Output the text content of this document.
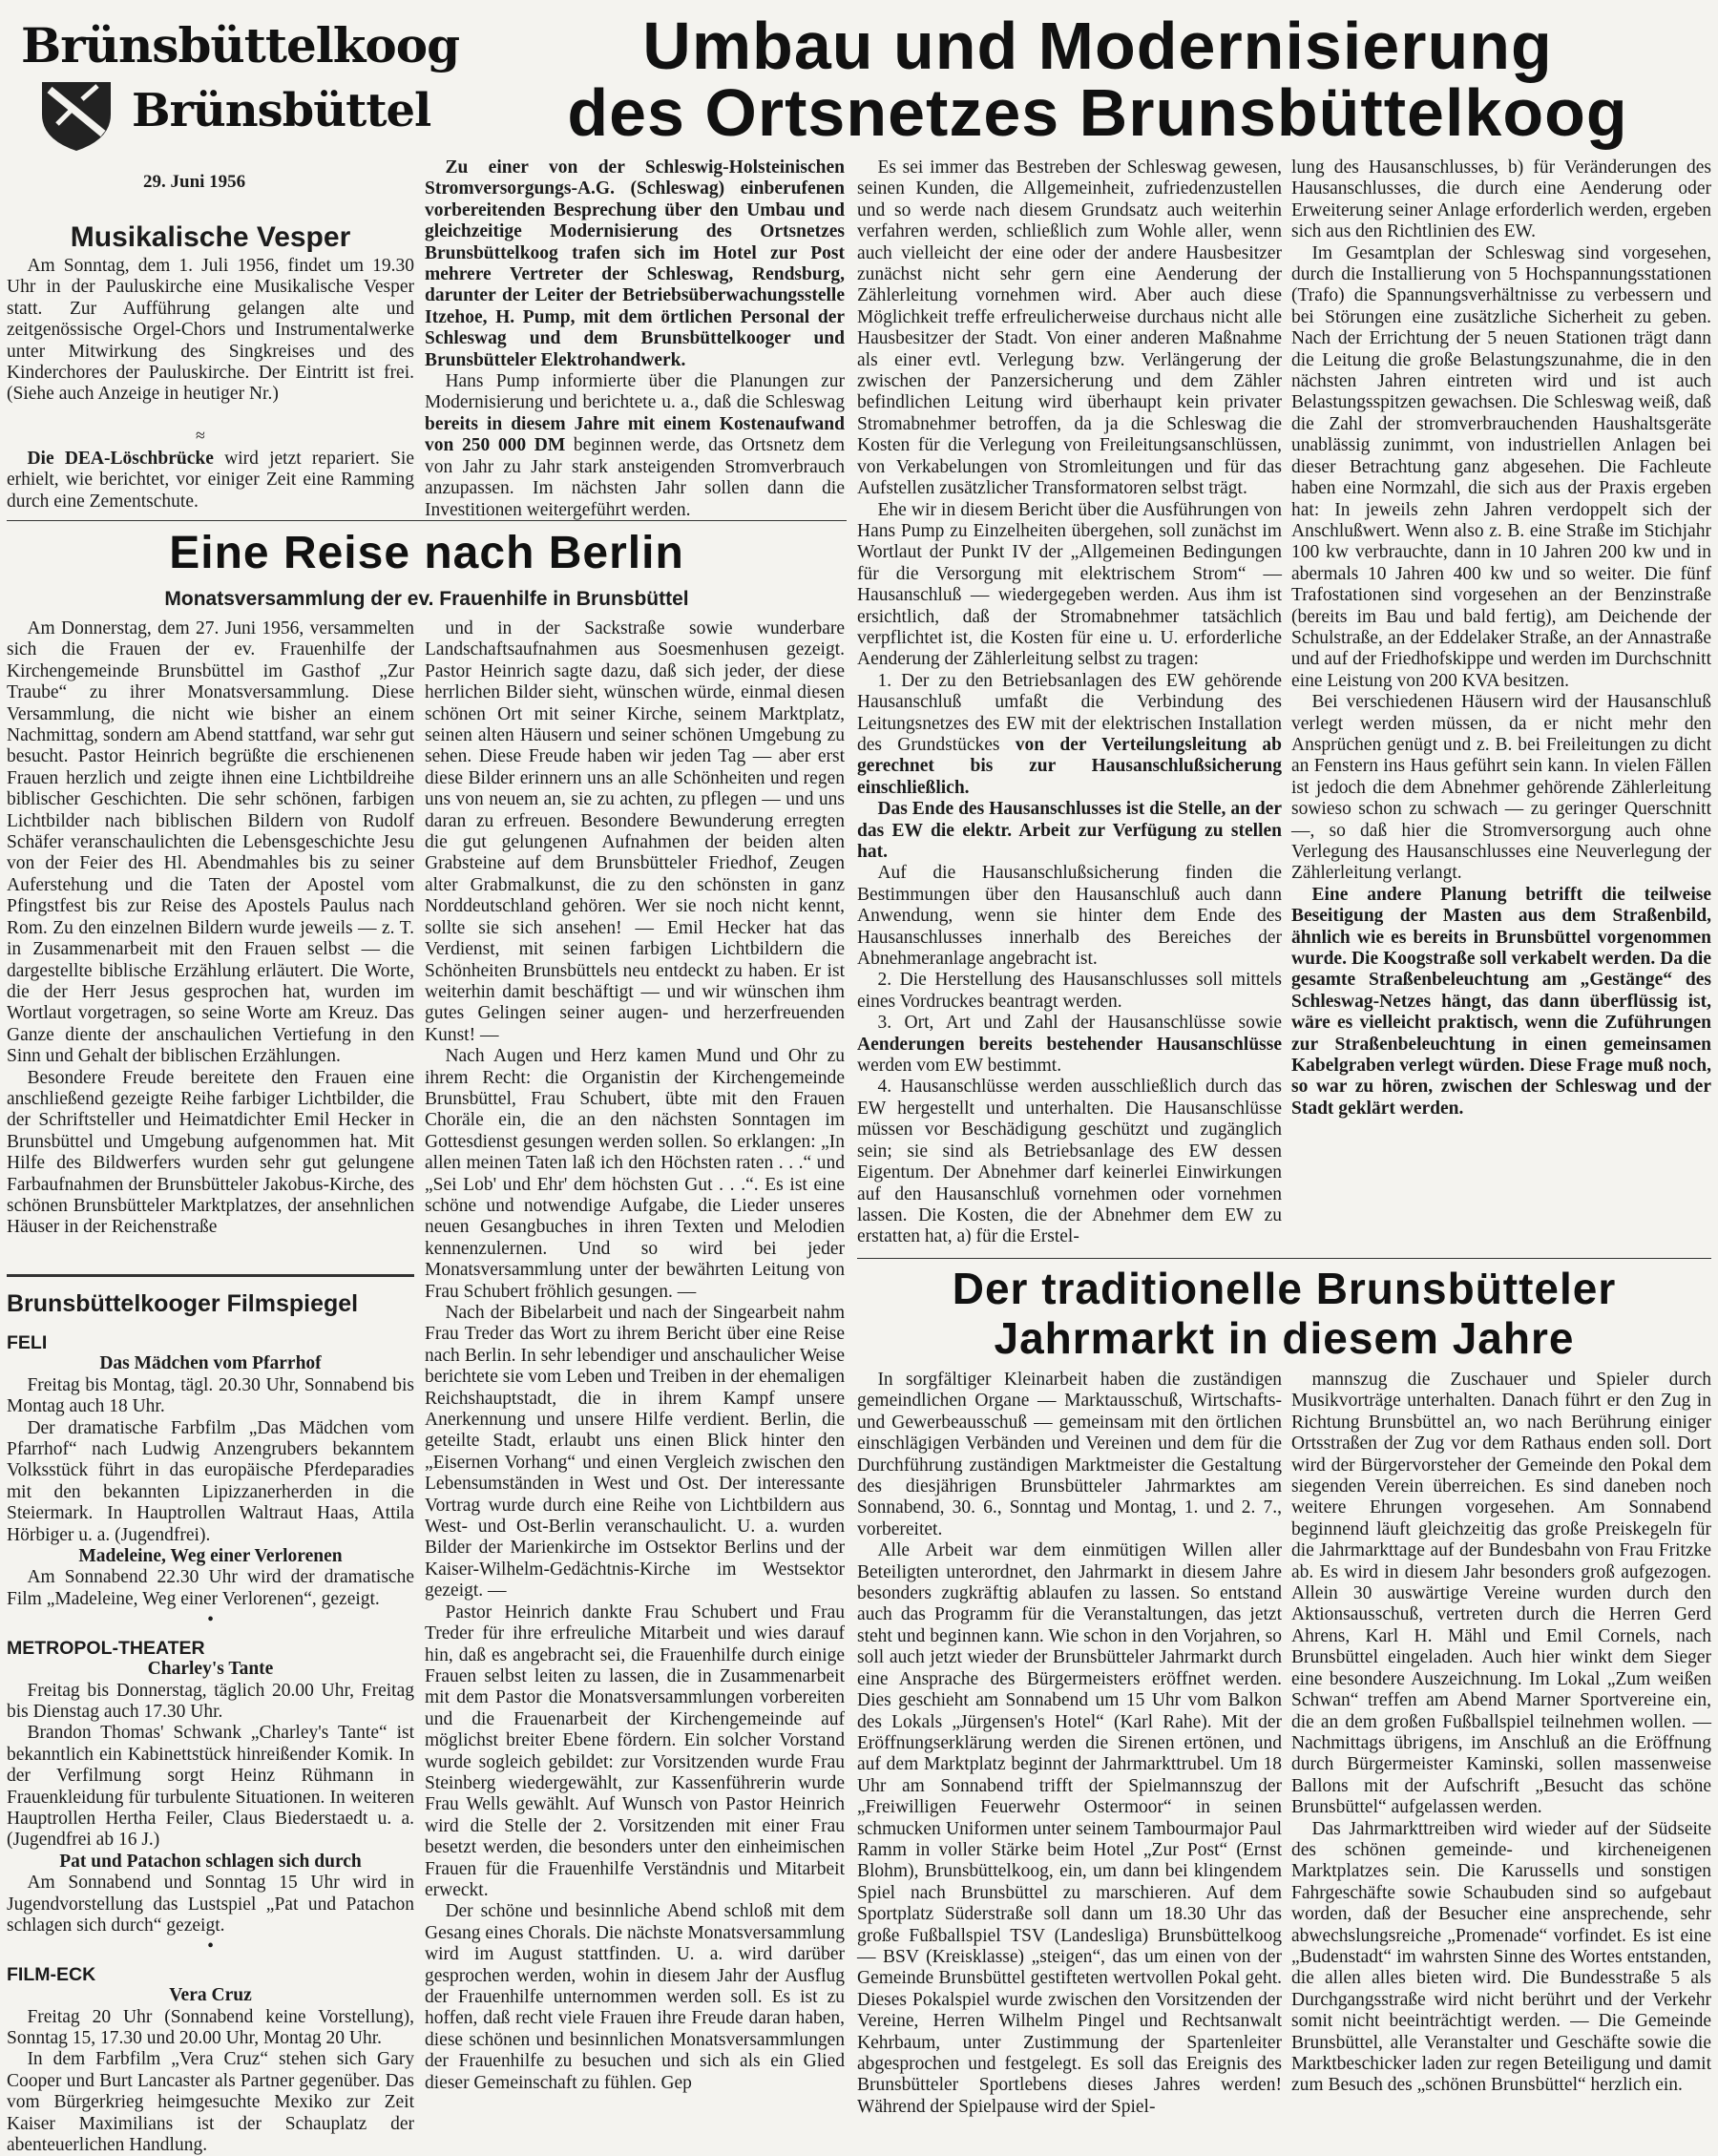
Brünsbüttelkoog
Brünsbüttel
29. Juni 1956
Musikalische Vesper

Am Sonntag, dem 1. Juli 1956, findet um 19.30 Uhr in der Pauluskirche eine Musikalische Vesper statt. Zur Aufführung gelangen alte und zeitgenössische Orgel-Chors und Instrumentalwerke unter Mitwirkung des Singkreises und des Kinderchores der Pauluskirche. Der Eintritt ist frei. (Siehe auch Anzeige in heutiger Nr.)

≈

Die DEA-Löschbrücke wird jetzt repariert. Sie erhielt, wie berichtet, vor einiger Zeit eine Ramming durch eine Zementschute.

Umbau und Modernisierung
des Ortsnetzes Brunsbüttelkoog

Zu einer von der Schleswig-Holsteinischen Stromversorgungs-A.G. (Schleswag) einberufenen vorbereitenden Besprechung über den Umbau und gleichzeitige Modernisierung des Ortsnetzes Brunsbüttelkoog trafen sich im Hotel zur Post mehrere Vertreter der Schleswag, Rendsburg, darunter der Leiter der Betriebsüberwachungsstelle Itzehoe, H. Pump, mit dem örtlichen Personal der Schleswag und dem Brunsbüttelkooger und Brunsbütteler Elektrohandwerk.

Hans Pump informierte über die Planungen zur Modernisierung und berichtete u. a., daß die Schleswag bereits in diesem Jahre mit einem Kostenaufwand von 250 000 DM beginnen werde, das Ortsnetz dem von Jahr zu Jahr stark ansteigenden Stromverbrauch anzupassen. Im nächsten Jahr sollen dann die Investitionen weitergeführt werden.

Es sei immer das Bestreben der Schleswag gewesen, seinen Kunden, die Allgemeinheit, zufriedenzustellen und so werde nach diesem Grundsatz auch weiterhin verfahren werden, schließlich zum Wohle aller, wenn auch vielleicht der eine oder der andere Hausbesitzer zunächst nicht sehr gern eine Aenderung der Zählerleitung vornehmen wird. Aber auch diese Möglichkeit treffe erfreulicherweise durchaus nicht alle Hausbesitzer der Stadt. Von einer anderen Maßnahme als einer evtl. Verlegung bzw. Verlängerung der zwischen der Panzersicherung und dem Zähler befindlichen Leitung wird überhaupt kein privater Stromabnehmer betroffen, da ja die Schleswag die Kosten für die Verlegung von Freileitungsanschlüssen, von Verkabelungen von Stromleitungen und für das Aufstellen zusätzlicher Transformatoren selbst trägt.

Ehe wir in diesem Bericht über die Ausführungen von Hans Pump zu Einzelheiten übergehen, soll zunächst im Wortlaut der Punkt IV der „Allgemeinen Bedingungen für die Versorgung mit elektrischem Strom“ — Hausanschluß — wiedergegeben werden. Aus ihm ist ersichtlich, daß der Stromabnehmer tatsächlich verpflichtet ist, die Kosten für eine u. U. erforderliche Aenderung der Zählerleitung selbst zu tragen:

1. Der zu den Betriebsanlagen des EW gehörende Hausanschluß umfaßt die Verbindung des Leitungsnetzes des EW mit der elektrischen Installation des Grundstückes von der Verteilungsleitung ab gerechnet bis zur Hausanschlußsicherung einschließlich.

Das Ende des Hausanschlusses ist die Stelle, an der das EW die elektr. Arbeit zur Verfügung zu stellen hat.

Auf die Hausanschlußsicherung finden die Bestimmungen über den Hausanschluß auch dann Anwendung, wenn sie hinter dem Ende des Hausanschlusses innerhalb des Bereiches der Abnehmeranlage angebracht ist.

2. Die Herstellung des Hausanschlusses soll mittels eines Vordruckes beantragt werden.

3. Ort, Art und Zahl der Hausanschlüsse sowie Aenderungen bereits bestehender Hausanschlüsse werden vom EW bestimmt.

4. Hausanschlüsse werden ausschließlich durch das EW hergestellt und unterhalten. Die Hausanschlüsse müssen vor Beschädigung geschützt und zugänglich sein; sie sind als Betriebsanlage des EW dessen Eigentum. Der Abnehmer darf keinerlei Einwirkungen auf den Hausanschluß vornehmen oder vornehmen lassen. Die Kosten, die der Abnehmer dem EW zu erstatten hat, a) für die Erstel-

lung des Hausanschlusses, b) für Veränderungen des Hausanschlusses, die durch eine Aenderung oder Erweiterung seiner Anlage erforderlich werden, ergeben sich aus den Richtlinien des EW.

Im Gesamtplan der Schleswag sind vorgesehen, durch die Installierung von 5 Hochspannungsstationen (Trafo) die Spannungsverhältnisse zu verbessern und bei Störungen eine zusätzliche Sicherheit zu geben. Nach der Errichtung der 5 neuen Stationen trägt dann die Leitung die große Belastungszunahme, die in den nächsten Jahren eintreten wird und ist auch Belastungsspitzen gewachsen. Die Schleswag weiß, daß die Zahl der stromverbrauchenden Haushaltsgeräte unablässig zunimmt, von industriellen Anlagen bei dieser Betrachtung ganz abgesehen. Die Fachleute haben eine Normzahl, die sich aus der Praxis ergeben hat: In jeweils zehn Jahren verdoppelt sich der Anschlußwert. Wenn also z. B. eine Straße im Stichjahr 100 kw verbrauchte, dann in 10 Jahren 200 kw und in abermals 10 Jahren 400 kw und so weiter. Die fünf Trafostationen sind vorgesehen an der Benzinstraße (bereits im Bau und bald fertig), am Deichende der Schulstraße, an der Eddelaker Straße, an der Annastraße und auf der Friedhofskippe und werden im Durchschnitt eine Leistung von 200 KVA besitzen.

Bei verschiedenen Häusern wird der Hausanschluß verlegt werden müssen, da er nicht mehr den Ansprüchen genügt und z. B. bei Freileitungen zu dicht an Fenstern ins Haus geführt sein kann. In vielen Fällen ist jedoch die dem Abnehmer gehörende Zählerleitung sowieso schon zu schwach — zu geringer Querschnitt —, so daß hier die Stromversorgung auch ohne Verlegung des Hausanschlusses eine Neuverlegung der Zählerleitung verlangt.

Eine andere Planung betrifft die teilweise Beseitigung der Masten aus dem Straßenbild, ähnlich wie es bereits in Brunsbüttel vorgenommen wurde. Die Koogstraße soll verkabelt werden. Da die gesamte Straßenbeleuchtung am „Gestänge“ des Schleswag-Netzes hängt, das dann überflüssig ist, wäre es vielleicht praktisch, wenn die Zuführungen zur Straßenbeleuchtung in einen gemeinsamen Kabelgraben verlegt würden. Diese Frage muß noch, so war zu hören, zwischen der Schleswag und der Stadt geklärt werden.

Eine Reise nach Berlin
Monatsversammlung der ev. Frauenhilfe in Brunsbüttel

Am Donnerstag, dem 27. Juni 1956, versammelten sich die Frauen der ev. Frauenhilfe der Kirchengemeinde Brunsbüttel im Gasthof „Zur Traube“ zu ihrer Monatsversammlung. Diese Versammlung, die nicht wie bisher an einem Nachmittag, sondern am Abend stattfand, war sehr gut besucht. Pastor Heinrich begrüßte die erschienenen Frauen herzlich und zeigte ihnen eine Lichtbildreihe biblischer Geschichten. Die sehr schönen, farbigen Lichtbilder nach biblischen Bildern von Rudolf Schäfer veranschaulichten die Lebensgeschichte Jesu von der Feier des Hl. Abendmahles bis zu seiner Auferstehung und die Taten der Apostel vom Pfingstfest bis zur Reise des Apostels Paulus nach Rom. Zu den einzelnen Bildern wurde jeweils — z. T. in Zusammenarbeit mit den Frauen selbst — die dargestellte biblische Erzählung erläutert. Die Worte, die der Herr Jesus gesprochen hat, wurden im Wortlaut vorgetragen, so seine Worte am Kreuz. Das Ganze diente der anschaulichen Vertiefung in den Sinn und Gehalt der biblischen Erzählungen.

Besondere Freude bereitete den Frauen eine anschließend gezeigte Reihe farbiger Lichtbilder, die der Schriftsteller und Heimatdichter Emil Hecker in Brunsbüttel und Umgebung aufgenommen hat. Mit Hilfe des Bildwerfers wurden sehr gut gelungene Farbaufnahmen der Brunsbütteler Jakobus-Kirche, des schönen Brunsbütteler Marktplatzes, der ansehnlichen Häuser in der Reichenstraße

und in der Sackstraße sowie wunderbare Landschaftsaufnahmen aus Soesmenhusen gezeigt. Pastor Heinrich sagte dazu, daß sich jeder, der diese herrlichen Bilder sieht, wünschen würde, einmal diesen schönen Ort mit seiner Kirche, seinem Marktplatz, seinen alten Häusern und seiner schönen Umgebung zu sehen. Diese Freude haben wir jeden Tag — aber erst diese Bilder erinnern uns an alle Schönheiten und regen uns von neuem an, sie zu achten, zu pflegen — und uns daran zu erfreuen. Besondere Bewunderung erregten die gut gelungenen Aufnahmen der beiden alten Grabsteine auf dem Brunsbütteler Friedhof, Zeugen alter Grabmalkunst, die zu den schönsten in ganz Norddeutschland gehören. Wer sie noch nicht kennt, sollte sie sich ansehen! — Emil Hecker hat das Verdienst, mit seinen farbigen Lichtbildern die Schönheiten Brunsbüttels neu entdeckt zu haben. Er ist weiterhin damit beschäftigt — und wir wünschen ihm gutes Gelingen seiner augen- und herzerfreuenden Kunst! —

Nach Augen und Herz kamen Mund und Ohr zu ihrem Recht: die Organistin der Kirchengemeinde Brunsbüttel, Frau Schubert, übte mit den Frauen Choräle ein, die an den nächsten Sonntagen im Gottesdienst gesungen werden sollen. So erklangen: „In allen meinen Taten laß ich den Höchsten raten . . .“ und „Sei Lob' und Ehr' dem höchsten Gut . . .“. Es ist eine schöne und notwendige Aufgabe, die Lieder unseres neuen Gesangbuches in ihren Texten und Melodien kennenzulernen. Und so wird bei jeder Monatsversammlung unter der bewährten Leitung von Frau Schubert fröhlich gesungen. —

Nach der Bibelarbeit und nach der Singearbeit nahm Frau Treder das Wort zu ihrem Bericht über eine Reise nach Berlin. In sehr lebendiger und anschaulicher Weise berichtete sie vom Leben und Treiben in der ehemaligen Reichshauptstadt, die in ihrem Kampf unsere Anerkennung und unsere Hilfe verdient. Berlin, die geteilte Stadt, erlaubt uns einen Blick hinter den „Eisernen Vorhang“ und einen Vergleich zwischen den Lebensumständen in West und Ost. Der interessante Vortrag wurde durch eine Reihe von Lichtbildern aus West- und Ost-Berlin veranschaulicht. U. a. wurden Bilder der Marienkirche im Ostsektor Berlins und der Kaiser-Wilhelm-Gedächtnis-Kirche im Westsektor gezeigt. —

Pastor Heinrich dankte Frau Schubert und Frau Treder für ihre erfreuliche Mitarbeit und wies darauf hin, daß es angebracht sei, die Frauenhilfe durch einige Frauen selbst leiten zu lassen, die in Zusammenarbeit mit dem Pastor die Monatsversammlungen vorbereiten und die Frauenarbeit der Kirchengemeinde auf möglichst breiter Ebene fördern. Ein solcher Vorstand wurde sogleich gebildet: zur Vorsitzenden wurde Frau Steinberg wiedergewählt, zur Kassenführerin wurde Frau Wells gewählt. Auf Wunsch von Pastor Heinrich wird die Stelle der 2. Vorsitzenden mit einer Frau besetzt werden, die besonders unter den einheimischen Frauen für die Frauenhilfe Verständnis und Mitarbeit erweckt.

Der schöne und besinnliche Abend schloß mit dem Gesang eines Chorals. Die nächste Monatsversammlung wird im August stattfinden. U. a. wird darüber gesprochen werden, wohin in diesem Jahr der Ausflug der Frauenhilfe unternommen werden soll. Es ist zu hoffen, daß recht viele Frauen ihre Freude daran haben, diese schönen und besinnlichen Monatsversammlungen der Frauenhilfe zu besuchen und sich als ein Glied dieser Gemeinschaft zu fühlen. Gep

Brunsbüttelkooger Filmspiegel

FELI

Das Mädchen vom Pfarrhof

Freitag bis Montag, tägl. 20.30 Uhr, Sonnabend bis Montag auch 18 Uhr.

Der dramatische Farbfilm „Das Mädchen vom Pfarrhof“ nach Ludwig Anzengrubers bekanntem Volksstück führt in das europäische Pferdeparadies mit den bekannten Lipizzanerherden in die Steiermark. In Hauptrollen Waltraut Haas, Attila Hörbiger u. a. (Jugendfrei).

Madeleine, Weg einer Verlorenen

Am Sonnabend 22.30 Uhr wird der dramatische Film „Madeleine, Weg einer Verlorenen“, gezeigt.

•

METROPOL-THEATER

Charley's Tante

Freitag bis Donnerstag, täglich 20.00 Uhr, Freitag bis Dienstag auch 17.30 Uhr.

Brandon Thomas' Schwank „Charley's Tante“ ist bekanntlich ein Kabinettstück hinreißender Komik. In der Verfilmung sorgt Heinz Rühmann in Frauenkleidung für turbulente Situationen. In weiteren Hauptrollen Hertha Feiler, Claus Biederstaedt u. a. (Jugendfrei ab 16 J.)

Pat und Patachon schlagen sich durch

Am Sonnabend und Sonntag 15 Uhr wird in Jugendvorstellung das Lustspiel „Pat und Patachon schlagen sich durch“ gezeigt.

•

FILM-ECK

Vera Cruz

Freitag 20 Uhr (Sonnabend keine Vorstellung), Sonntag 15, 17.30 und 20.00 Uhr, Montag 20 Uhr.

In dem Farbfilm „Vera Cruz“ stehen sich Gary Cooper und Burt Lancaster als Partner gegenüber. Das vom Bürgerkrieg heimgesuchte Mexiko zur Zeit Kaiser Maximilians ist der Schauplatz der abenteuerlichen Handlung.

Der traditionelle Brunsbütteler
Jahrmarkt in diesem Jahre

In sorgfältiger Kleinarbeit haben die zuständigen gemeindlichen Organe — Marktausschuß, Wirtschafts- und Gewerbeausschuß — gemeinsam mit den örtlichen einschlägigen Verbänden und Vereinen und dem für die Durchführung zuständigen Marktmeister die Gestaltung des diesjährigen Brunsbütteler Jahrmarktes am Sonnabend, 30. 6., Sonntag und Montag, 1. und 2. 7., vorbereitet.

Alle Arbeit war dem einmütigen Willen aller Beteiligten unterordnet, den Jahrmarkt in diesem Jahre besonders zugkräftig ablaufen zu lassen. So entstand auch das Programm für die Veranstaltungen, das jetzt steht und beginnen kann. Wie schon in den Vorjahren, so soll auch jetzt wieder der Brunsbütteler Jahrmarkt durch eine Ansprache des Bürgermeisters eröffnet werden. Dies geschieht am Sonnabend um 15 Uhr vom Balkon des Lokals „Jürgensen's Hotel“ (Karl Rahe). Mit der Eröffnungserklärung werden die Sirenen ertönen, und auf dem Marktplatz beginnt der Jahrmarkttrubel. Um 18 Uhr am Sonnabend trifft der Spielmannszug der „Freiwilligen Feuerwehr Ostermoor“ in seinen schmucken Uniformen unter seinem Tambourmajor Paul Ramm in voller Stärke beim Hotel „Zur Post“ (Ernst Blohm), Brunsbüttelkoog, ein, um dann bei klingendem Spiel nach Brunsbüttel zu marschieren. Auf dem Sportplatz Süderstraße soll dann um 18.30 Uhr das große Fußballspiel TSV (Landesliga) Brunsbüttelkoog — BSV (Kreisklasse) „steigen“, das um einen von der Gemeinde Brunsbüttel gestifteten wertvollen Pokal geht. Dieses Pokalspiel wurde zwischen den Vorsitzenden der Vereine, Herren Wilhelm Pingel und Rechtsanwalt Kehrbaum, unter Zustimmung der Spartenleiter abgesprochen und festgelegt. Es soll das Ereignis des Brunsbütteler Sportlebens dieses Jahres werden! Während der Spielpause wird der Spiel-

mannszug die Zuschauer und Spieler durch Musikvorträge unterhalten. Danach führt er den Zug in Richtung Brunsbüttel an, wo nach Berührung einiger Ortsstraßen der Zug vor dem Rathaus enden soll. Dort wird der Bürgervorsteher der Gemeinde den Pokal dem siegenden Verein überreichen. Es sind daneben noch weitere Ehrungen vorgesehen. Am Sonnabend beginnend läuft gleichzeitig das große Preiskegeln für die Jahrmarkttage auf der Bundesbahn von Frau Fritzke ab. Es wird in diesem Jahr besonders groß aufgezogen. Allein 30 auswärtige Vereine wurden durch den Aktionsausschuß, vertreten durch die Herren Gerd Ahrens, Karl H. Mähl und Emil Cornels, nach Brunsbüttel eingeladen. Auch hier winkt dem Sieger eine besondere Auszeichnung. Im Lokal „Zum weißen Schwan“ treffen am Abend Marner Sportvereine ein, die an dem großen Fußballspiel teilnehmen wollen. — Nachmittags übrigens, im Anschluß an die Eröffnung durch Bürgermeister Kaminski, sollen massenweise Ballons mit der Aufschrift „Besucht das schöne Brunsbüttel“ aufgelassen werden.

Das Jahrmarkttreiben wird wieder auf der Südseite des schönen gemeinde- und kircheneigenen Marktplatzes sein. Die Karussells und sonstigen Fahrgeschäfte sowie Schaubuden sind so aufgebaut worden, daß der Besucher eine ansprechende, sehr abwechslungsreiche „Promenade“ vorfindet. Es ist eine „Budenstadt“ im wahrsten Sinne des Wortes entstanden, die allen alles bieten wird. Die Bundesstraße 5 als Durchgangsstraße wird nicht berührt und der Verkehr somit nicht beeinträchtigt werden. — Die Gemeinde Brunsbüttel, alle Veranstalter und Geschäfte sowie die Marktbeschicker laden zur regen Beteiligung und damit zum Besuch des „schönen Brunsbüttel“ herzlich ein.
